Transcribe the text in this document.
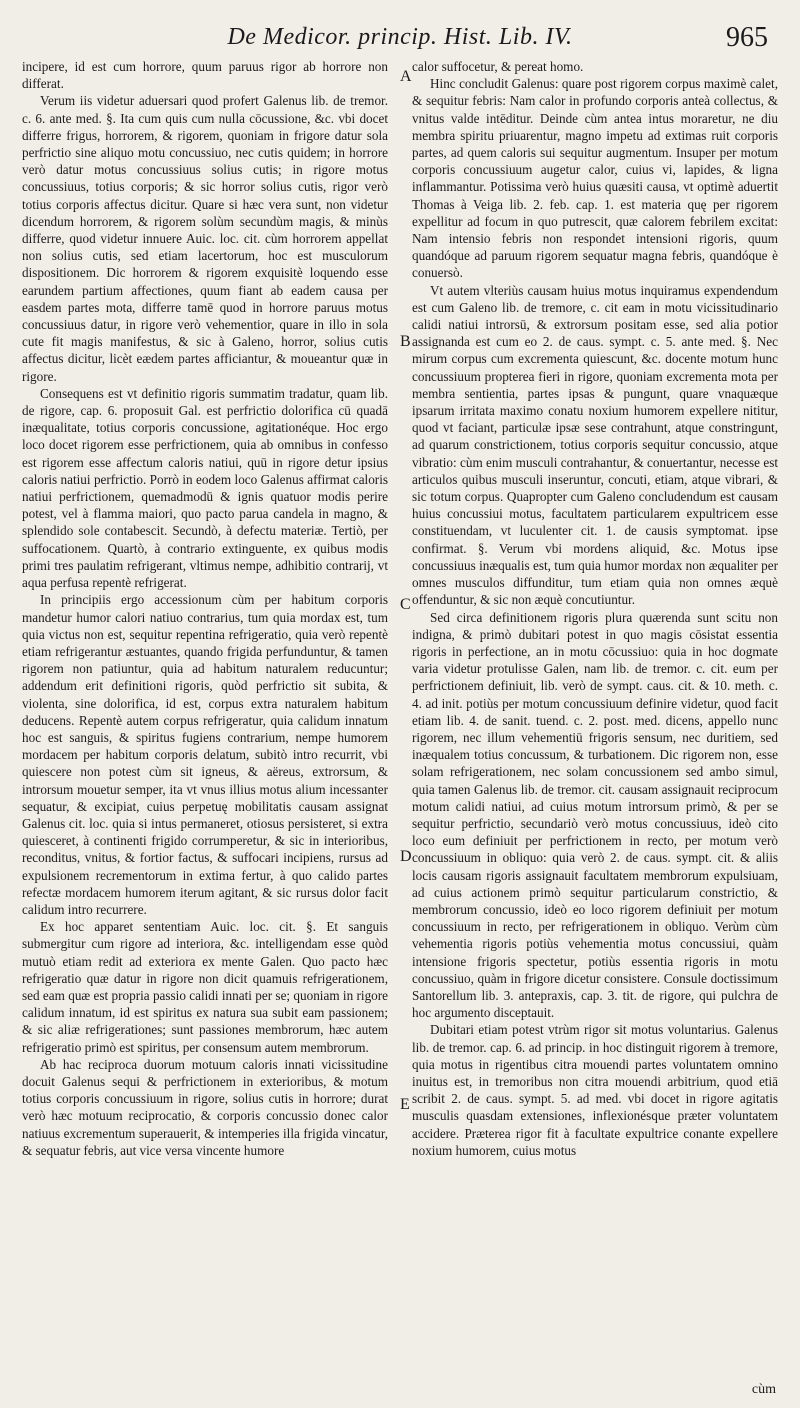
De Medicor. princip. Hist. Lib. IV.	965

incipere, id est cum horrore, quum paruus rigor ab horrore non differat.

Verum iis videtur aduersari quod profert Galenus lib. de tremor. c. 6. ante med. §. Ita cum quis cum nulla cōcussione, &c. vbi docet differre frigus, horrorem, & rigorem, quoniam in frigore datur sola perfrictio sine aliquo motu concussiuo, nec cutis quidem; in horrore verò datur motus concussiuus solius cutis; in rigore motus concussiuus, totius corporis; & sic horror solius cutis, rigor verò totius corporis affectus dicitur. Quare si hæc vera sunt, non videtur dicendum horrorem, & rigorem solùm secundùm magis, & minùs differre, quod videtur innuere Auic. loc. cit. cùm horrorem appellat non solius cutis, sed etiam lacertorum, hoc est musculorum dispositionem. Dic horrorem & rigorem exquisitè loquendo esse earundem partium affectiones, quum fiant ab eadem causa per easdem partes mota, differre tamē quod in horrore paruus motus concussiuus datur, in rigore verò vehementior, quare in illo in sola cute fit magis manifestus, & sic à Galeno, horror, solius cutis affectus dicitur, licèt eædem partes afficiantur, & moueantur quæ in rigore.

Consequens est vt definitio rigoris summatim tradatur, quam lib. de rigore, cap. 6. proposuit Gal. est perfrictio dolorifica cū quadā inæqualitate, totius corporis concussione, agitationéque. Hoc ergo loco docet rigorem esse perfrictionem, quia ab omnibus in confesso est rigorem esse affectum caloris natiui, quū in rigore detur ipsius caloris natiui perfrictio. Porrò in eodem loco Galenus affirmat caloris natiui perfrictionem, quemadmodū & ignis quatuor modis perire potest, vel à flamma maiori, quo pacto parua candela in magno, & splendido sole contabescit. Secundò, à defectu materiæ. Tertiò, per suffocationem. Quartò, à contrario extinguente, ex quibus modis primi tres paulatim refrigerant, vltimus nempe, adhibitio contrarij, vt aqua perfusa repentè refrigerat.

In principiis ergo accessionum cùm per habitum corporis mandetur humor calori natiuo contrarius, tum quia mordax est, tum quia victus non est, sequitur repentina refrigeratio, quia verò repentè etiam refrigerantur æstuantes, quando frigida perfunduntur, & tamen rigorem non patiuntur, quia ad habitum naturalem reducuntur; addendum erit definitioni rigoris, quòd perfrictio sit subita, & violenta, sine dolorifica, id est, corpus extra naturalem habitum deducens. Repentè autem corpus refrigeratur, quia calidum innatum hoc est sanguis, & spiritus fugiens contrarium, nempe humorem mordacem per habitum corporis delatum, subitò intro recurrit, vbi quiescere non potest cùm sit igneus, & aëreus, extrorsum, & introrsum mouetur semper, ita vt vnus illius motus alium incessanter sequatur, & excipiat, cuius perpetuę mobilitatis causam assignat Galenus cit. loc. quia si intus permaneret, otiosus persisteret, si extra quiesceret, à continenti frigido corrumperetur, & sic in interioribus, reconditus, vnitus, & fortior factus, & suffocari incipiens, rursus ad expulsionem recrementorum in extima fertur, à quo calido partes refectæ mordacem humorem iterum agitant, & sic rursus dolor facit calidum intro recurrere.

Ex hoc apparet sententiam Auic. loc. cit. §. Et sanguis submergitur cum rigore ad interiora, &c. intelligendam esse quòd mutuò etiam redit ad exteriora ex mente Galen. Quo pacto hæc refrigeratio quæ datur in rigore non dicit quamuis refrigerationem, sed eam quæ est propria passio calidi innati per se; quoniam in rigore calidum innatum, id est spiritus ex natura sua subit eam passionem; & sic aliæ refrigerationes; sunt passiones membrorum, hæc autem refrigeratio primò est spiritus, per consensum autem membrorum.

Ab hac reciproca duorum motuum caloris innati vicissitudine docuit Galenus sequi & perfrictionem in exterioribus, & motum totius corporis concussiuum in rigore, solius cutis in horrore; durat verò hæc motuum reciprocatio, & corporis concussio donec calor natiuus excrementum superauerit, & intemperies illa frigida vincatur, & sequatur febris, aut vice versa vincente humore

calor suffocetur, & pereat homo.

Hinc concludit Galenus: quare post rigorem corpus maximè calet, & sequitur febris: Nam calor in profundo corporis anteà collectus, & vnitus valde intēditur. Deinde cùm antea intus moraretur, ne diu membra spiritu priuarentur, magno impetu ad extimas ruit corporis partes, ad quem caloris sui sequitur augmentum. Insuper per motum corporis concussiuum augetur calor, cuius vi, lapides, & ligna inflammantur. Potissima verò huius quæsiti causa, vt optimè aduertit Thomas à Veiga lib. 2. feb. cap. 1. est materia quę per rigorem expellitur ad focum in quo putrescit, quæ calorem febrilem excitat: Nam intensio febris non respondet intensioni rigoris, quum quandóque ad paruum rigorem sequatur magna febris, quandóque è conuersò.

Vt autem vlteriùs causam huius motus inquiramus expendendum est cum Galeno lib. de tremore, c. cit eam in motu vicissitudinario calidi natiui introrsū, & extrorsum positam esse, sed alia potior assignanda est cum eo 2. de caus. sympt. c. 5. ante med. §. Nec mirum corpus cum excrementa quiescunt, &c. docente motum hunc concussiuum propterea fieri in rigore, quoniam excrementa mota per membra sentientia, partes ipsas & pungunt, quare vnaquæque ipsarum irritata maximo conatu noxium humorem expellere nititur, quod vt faciant, particulæ ipsæ sese contrahunt, atque constringunt, ad quarum constrictionem, totius corporis sequitur concussio, atque vibratio: cùm enim musculi contrahantur, & conuertantur, necesse est articulos quibus musculi inseruntur, concuti, etiam, atque vibrari, & sic totum corpus. Quapropter cum Galeno concludendum est causam huius concussiui motus, facultatem particularem expultricem esse constituendam, vt luculenter cit. 1. de causis symptomat. ipse confirmat. §. Verum vbi mordens aliquid, &c. Motus ipse concussiuus inæqualis est, tum quia humor mordax non æqualiter per omnes musculos diffunditur, tum etiam quia non omnes æquè offenduntur, & sic non æquè concutiuntur.

Sed circa definitionem rigoris plura quærenda sunt scitu non indigna, & primò dubitari potest in quo magis cōsistat essentia rigoris in perfectione, an in motu cōcussiuo: quia in hoc dogmate varia videtur protulisse Galen, nam lib. de tremor. c. cit. eum per perfrictionem definiuit, lib. verò de sympt. caus. cit. & 10. meth. c. 4. ad init. potiùs per motum concussiuum definire videtur, quod facit etiam lib. 4. de sanit. tuend. c. 2. post. med. dicens, appello nunc rigorem, nec illum vehementiū frigoris sensum, nec duritiem, sed inæqualem totius concussum, & turbationem. Dic rigorem non, esse solam refrigerationem, nec solam concussionem sed ambo simul, quia tamen Galenus lib. de tremor. cit. causam assignauit reciprocum motum calidi natiui, ad cuius motum introrsum primò, & per se sequitur perfrictio, secundariò verò motus concussiuus, ideò cito loco eum definiuit per perfrictionem in recto, per motum verò concussiuum in obliquo: quia verò 2. de caus. sympt. cit. & aliis locis causam rigoris assignauit facultatem membrorum expulsiuam, ad cuius actionem primò sequitur particularum constrictio, & membrorum concussio, ideò eo loco rigorem definiuit per motum concussiuum in recto, per refrigerationem in obliquo. Verùm cùm vehementia rigoris potiùs vehementia motus concussiui, quàm intensione frigoris spectetur, potiùs essentia rigoris in motu concussiuo, quàm in frigore dicetur consistere. Consule doctissimum Santorellum lib. 3. antepraxis, cap. 3. tit. de rigore, qui pulchra de hoc argumento disceptauit.

Dubitari etiam potest vtrùm rigor sit motus voluntarius. Galenus lib. de tremor. cap. 6. ad princip. in hoc distinguit rigorem à tremore, quia motus in rigentibus citra mouendi partes voluntatem omnino inuitus est, in tremoribus non citra mouendi arbitrium, quod etiā scribit 2. de caus. sympt. 5. ad med. vbi docet in rigore agitatis musculis quasdam extensiones, inflexionésque præter voluntatem accidere. Præterea rigor fit à facultate expultrice conante expellere noxium humorem, cuius motus

A
B
C
D
E
cùm
